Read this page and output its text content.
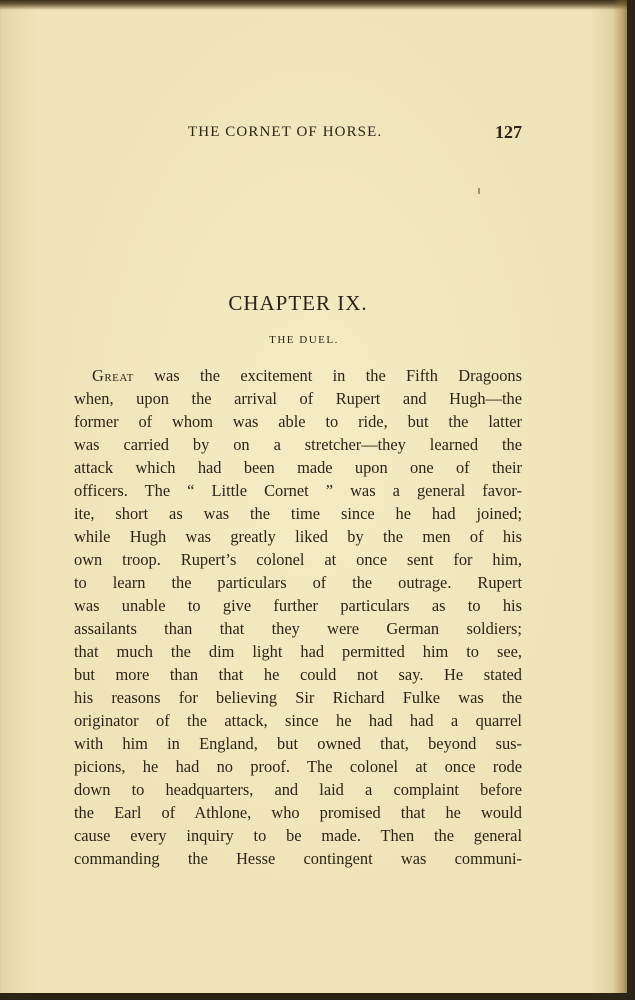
THE CORNET OF HORSE.	127
CHAPTER IX.
THE DUEL.
Great was the excitement in the Fifth Dragoons
when, upon the arrival of Rupert and Hugh—the
former of whom was able to ride, but the latter
was carried by on a stretcher—they learned the
attack which had been made upon one of their
officers. The “ Little Cornet ” was a general favor-
ite, short as was the time since he had joined;
while Hugh was greatly liked by the men of his
own troop. Rupert’s colonel at once sent for him,
to learn the particulars of the outrage. Rupert
was unable to give further particulars as to his
assailants than that they were German soldiers;
that much the dim light had permitted him to see,
but more than that he could not say. He stated
his reasons for believing Sir Richard Fulke was the
originator of the attack, since he had had a quarrel
with him in England, but owned that, beyond sus-
picions, he had no proof. The colonel at once rode
down to headquarters, and laid a complaint before
the Earl of Athlone, who promised that he would
cause every inquiry to be made. Then the general
commanding the Hesse contingent was communi-
